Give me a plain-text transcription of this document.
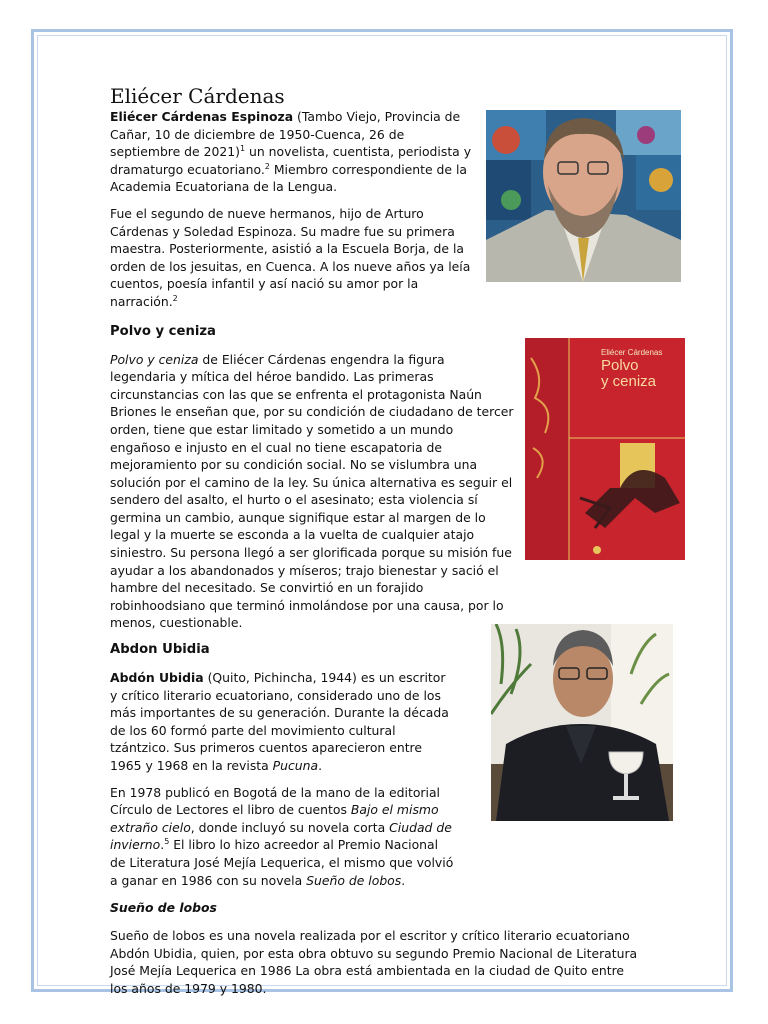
Eliécer Cárdenas
Polvo
y ceniza
Eliécer Cárdenas

Eliécer Cárdenas Espinoza (Tambo Viejo, Provincia de Cañar, 10 de diciembre de 1950-Cuenca, 26 de septiembre de 2021)$^1$ un novelista, cuentista, periodista y dramaturgo ecuatoriano.$^2$ Miembro correspondiente de la Academia Ecuatoriana de la Lengua.

Fue el segundo de nueve hermanos, hijo de Arturo Cárdenas y Soledad Espinoza. Su madre fue su primera maestra. Posteriormente, asistió a la Escuela Borja, de la orden de los jesuitas, en Cuenca. A los nueve años ya leía cuentos, poesía infantil y así nació su amor por la narración.$^2$

Polvo y ceniza

Polvo y ceniza de Eliécer Cárdenas engendra la figura legendaria y mítica del héroe bandido. Las primeras circunstancias con las que se enfrenta el protagonista Naún Briones le enseñan que, por su condición de ciudadano de tercer orden, tiene que estar limitado y sometido a un mundo engañoso e injusto en el cual no tiene escapatoria de mejoramiento por su condición social. No se vislumbra una solución por el camino de la ley. Su única alternativa es seguir el sendero del asalto, el hurto o el asesinato; esta violencia sí germina un cambio, aunque signifique estar al margen de lo legal y la muerte se esconda a la vuelta de cualquier atajo siniestro. Su persona llegó a ser glorificada porque su misión fue ayudar a los abandonados y míseros; trajo bienestar y sació el hambre del necesitado. Se convirtió en un forajido robinhoodsiano que terminó inmolándose por una causa, por lo menos, cuestionable.

Abdon Ubidia

Abdón Ubidia (Quito, Pichincha, 1944) es un escritor y crítico literario ecuatoriano, considerado uno de los más importantes de su generación. Durante la década de los 60 formó parte del movimiento cultural tzántzico. Sus primeros cuentos aparecieron entre 1965 y 1968 en la revista Pucuna.

En 1978 publicó en Bogotá de la mano de la editorial Círculo de Lectores el libro de cuentos Bajo el mismo extraño cielo, donde incluyó su novela corta Ciudad de invierno.$^5$ El libro lo hizo acreedor al Premio Nacional de Literatura José Mejía Lequerica, el mismo que volvió a ganar en 1986 con su novela Sueño de lobos.

Sueño de lobos

Sueño de lobos es una novela realizada por el escritor y crítico literario ecuatoriano Abdón Ubidia, quien, por esta obra obtuvo su segundo Premio Nacional de Literatura José Mejía Lequerica en 1986 La obra está ambientada en la ciudad de Quito entre los años de 1979 y 1980.
